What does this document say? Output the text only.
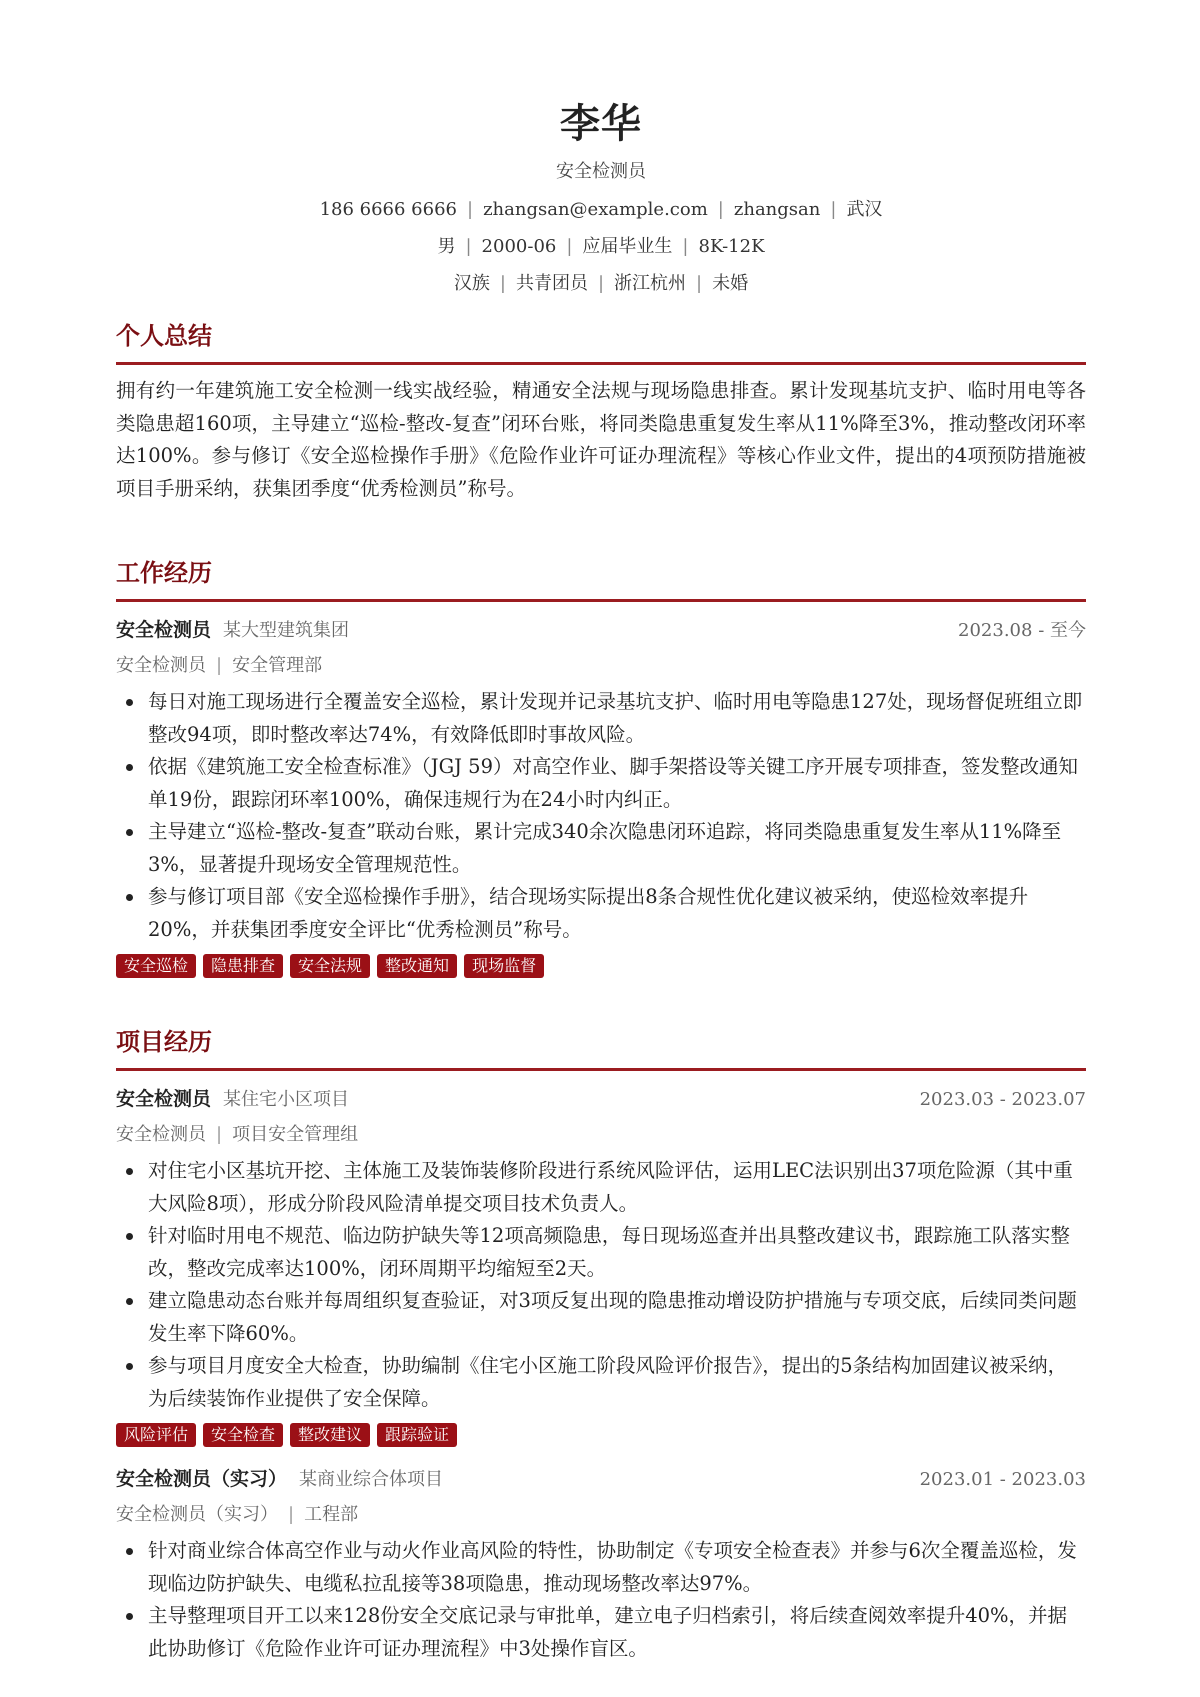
李华
安全检测员
186 6666 6666 | zhangsan@example.com | zhangsan | 武汉
男 | 2000-06 | 应届毕业生 | 8K-12K
汉族 | 共青团员 | 浙江杭州 | 未婚
个人总结

拥有约一年建筑施工安全检测一线实战经验，精通安全法规与现场隐患排查。累计发现基坑支护、临时用电等各类隐患超160项，主导建立“巡检-整改-复查”闭环台账，将同类隐患重复发生率从11%降至3%，推动整改闭环率达100%。参与修订《安全巡检操作手册》《危险作业许可证办理流程》等核心作业文件，提出的4项预防措施被项目手册采纳，获集团季度“优秀检测员”称号。

工作经历
安全检测员 某大型建筑集团	2023.08 - 至今
安全检测员 | 安全管理部
每日对施工现场进行全覆盖安全巡检，累计发现并记录基坑支护、临时用电等隐患127处，现场督促班组立即整改94项，即时整改率达74%，有效降低即时事故风险。
依据《建筑施工安全检查标准》（JGJ 59）对高空作业、脚手架搭设等关键工序开展专项排查，签发整改通知单19份，跟踪闭环率100%，确保违规行为在24小时内纠正。
主导建立“巡检-整改-复查”联动台账，累计完成340余次隐患闭环追踪，将同类隐患重复发生率从11%降至3%，显著提升现场安全管理规范性。
参与修订项目部《安全巡检操作手册》，结合现场实际提出8条合规性优化建议被采纳，使巡检效率提升20%，并获集团季度安全评比“优秀检测员”称号。
安全巡检	隐患排查	安全法规	整改通知	现场监督
项目经历
安全检测员 某住宅小区项目	2023.03 - 2023.07
安全检测员 | 项目安全管理组
对住宅小区基坑开挖、主体施工及装饰装修阶段进行系统风险评估，运用LEC法识别出37项危险源（其中重大风险8项），形成分阶段风险清单提交项目技术负责人。
针对临时用电不规范、临边防护缺失等12项高频隐患，每日现场巡查并出具整改建议书，跟踪施工队落实整改，整改完成率达100%，闭环周期平均缩短至2天。
建立隐患动态台账并每周组织复查验证，对3项反复出现的隐患推动增设防护措施与专项交底，后续同类问题发生率下降60%。
参与项目月度安全大检查，协助编制《住宅小区施工阶段风险评价报告》，提出的5条结构加固建议被采纳，为后续装饰作业提供了安全保障。
风险评估	安全检查	整改建议	跟踪验证
安全检测员（实习） 某商业综合体项目	2023.01 - 2023.03
安全检测员（实习） | 工程部
针对商业综合体高空作业与动火作业高风险的特性，协助制定《专项安全检查表》并参与6次全覆盖巡检，发现临边防护缺失、电缆私拉乱接等38项隐患，推动现场整改率达97%。
主导整理项目开工以来128份安全交底记录与审批单，建立电子归档索引，将后续查阅效率提升40%，并据此协助修订《危险作业许可证办理流程》中3处操作盲区。
